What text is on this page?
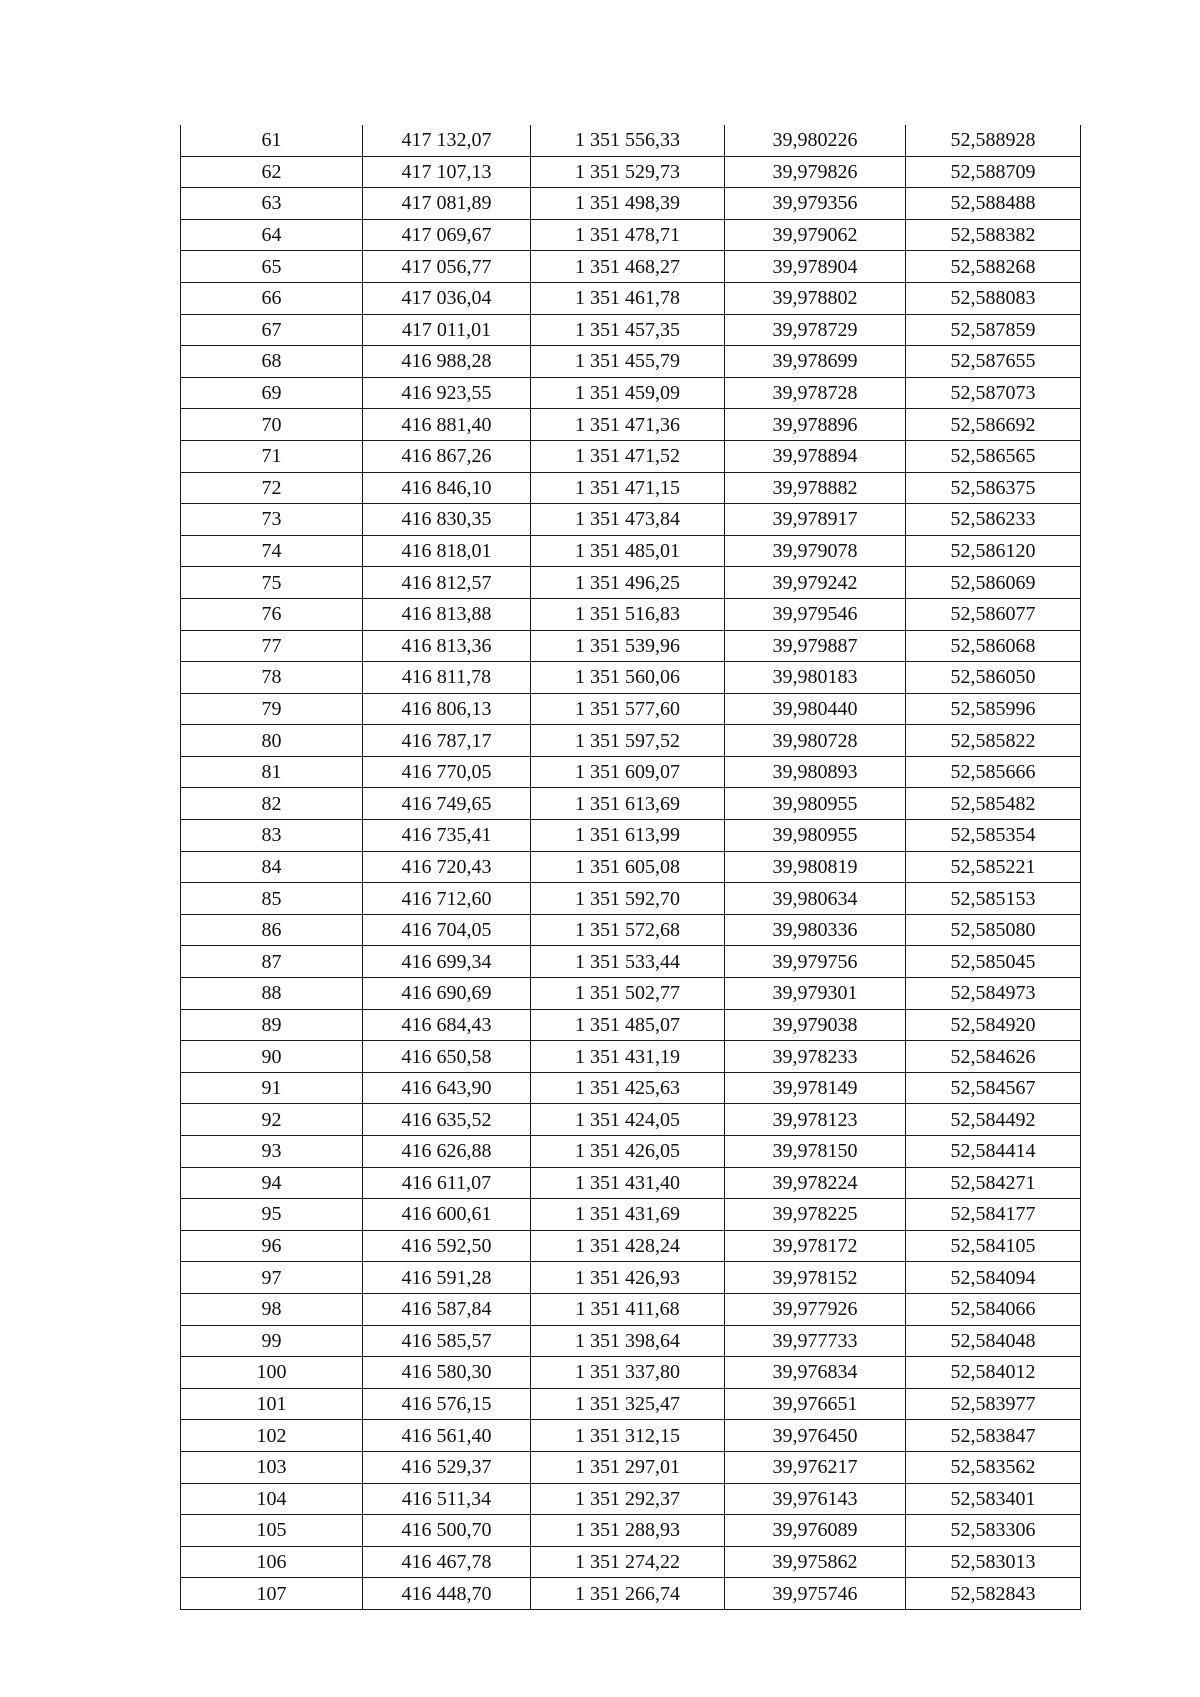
61	417 132,07	1 351 556,33	39,980226	52,588928
62	417 107,13	1 351 529,73	39,979826	52,588709
63	417 081,89	1 351 498,39	39,979356	52,588488
64	417 069,67	1 351 478,71	39,979062	52,588382
65	417 056,77	1 351 468,27	39,978904	52,588268
66	417 036,04	1 351 461,78	39,978802	52,588083
67	417 011,01	1 351 457,35	39,978729	52,587859
68	416 988,28	1 351 455,79	39,978699	52,587655
69	416 923,55	1 351 459,09	39,978728	52,587073
70	416 881,40	1 351 471,36	39,978896	52,586692
71	416 867,26	1 351 471,52	39,978894	52,586565
72	416 846,10	1 351 471,15	39,978882	52,586375
73	416 830,35	1 351 473,84	39,978917	52,586233
74	416 818,01	1 351 485,01	39,979078	52,586120
75	416 812,57	1 351 496,25	39,979242	52,586069
76	416 813,88	1 351 516,83	39,979546	52,586077
77	416 813,36	1 351 539,96	39,979887	52,586068
78	416 811,78	1 351 560,06	39,980183	52,586050
79	416 806,13	1 351 577,60	39,980440	52,585996
80	416 787,17	1 351 597,52	39,980728	52,585822
81	416 770,05	1 351 609,07	39,980893	52,585666
82	416 749,65	1 351 613,69	39,980955	52,585482
83	416 735,41	1 351 613,99	39,980955	52,585354
84	416 720,43	1 351 605,08	39,980819	52,585221
85	416 712,60	1 351 592,70	39,980634	52,585153
86	416 704,05	1 351 572,68	39,980336	52,585080
87	416 699,34	1 351 533,44	39,979756	52,585045
88	416 690,69	1 351 502,77	39,979301	52,584973
89	416 684,43	1 351 485,07	39,979038	52,584920
90	416 650,58	1 351 431,19	39,978233	52,584626
91	416 643,90	1 351 425,63	39,978149	52,584567
92	416 635,52	1 351 424,05	39,978123	52,584492
93	416 626,88	1 351 426,05	39,978150	52,584414
94	416 611,07	1 351 431,40	39,978224	52,584271
95	416 600,61	1 351 431,69	39,978225	52,584177
96	416 592,50	1 351 428,24	39,978172	52,584105
97	416 591,28	1 351 426,93	39,978152	52,584094
98	416 587,84	1 351 411,68	39,977926	52,584066
99	416 585,57	1 351 398,64	39,977733	52,584048
100	416 580,30	1 351 337,80	39,976834	52,584012
101	416 576,15	1 351 325,47	39,976651	52,583977
102	416 561,40	1 351 312,15	39,976450	52,583847
103	416 529,37	1 351 297,01	39,976217	52,583562
104	416 511,34	1 351 292,37	39,976143	52,583401
105	416 500,70	1 351 288,93	39,976089	52,583306
106	416 467,78	1 351 274,22	39,975862	52,583013
107	416 448,70	1 351 266,74	39,975746	52,582843
